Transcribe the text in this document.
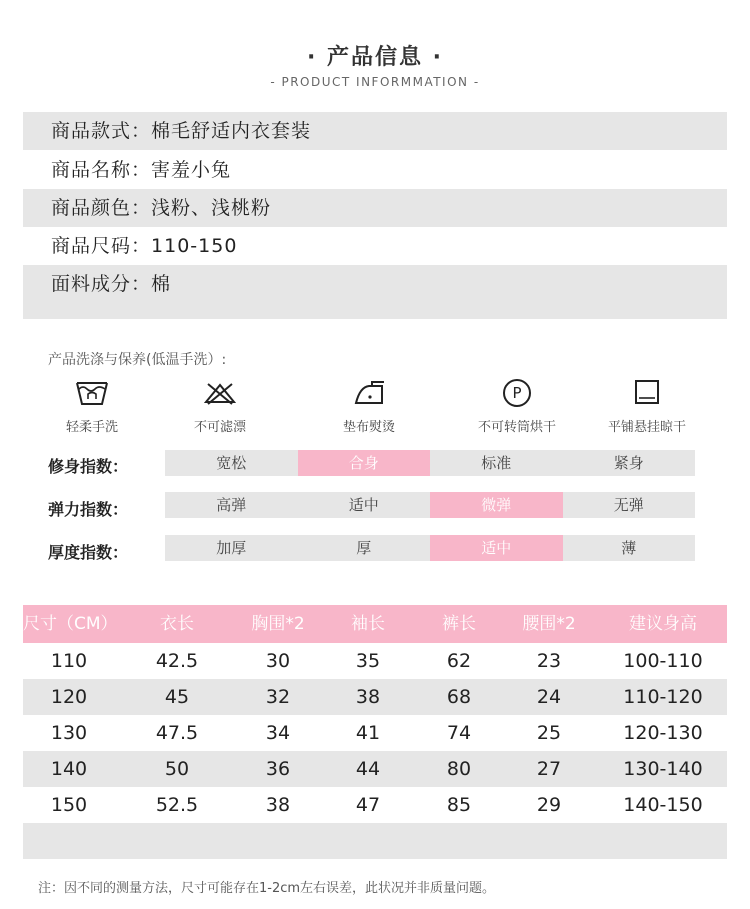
· 产品信息 ·
- PRODUCT INFORMMATION -
商品款式：棉毛舒适内衣套装
商品名称：害羞小兔
商品颜色：浅粉、浅桃粉
商品尺码：110-150
面料成分：棉
产品洗涤与保养(低温手洗）:
轻柔手洗	不可滤漂	垫布熨烫
P
不可转筒烘干	平铺悬挂晾干
修身指数：	宽松	合身	标准	紧身
弹力指数：	高弹	适中	微弹	无弹
厚度指数：	加厚	厚	适中	薄
尺寸（CM）	衣长	胸围*2	袖长	裤长	腰围*2	建议身高
110	42.5	30	35	62	23	100-110
120	45	32	38	68	24	110-120
130	47.5	34	41	74	25	120-130
140	50	36	44	80	27	130-140
150	52.5	38	47	85	29	140-150
注：因不同的测量方法，尺寸可能存在1-2cm左右误差，此状况并非质量问题。
